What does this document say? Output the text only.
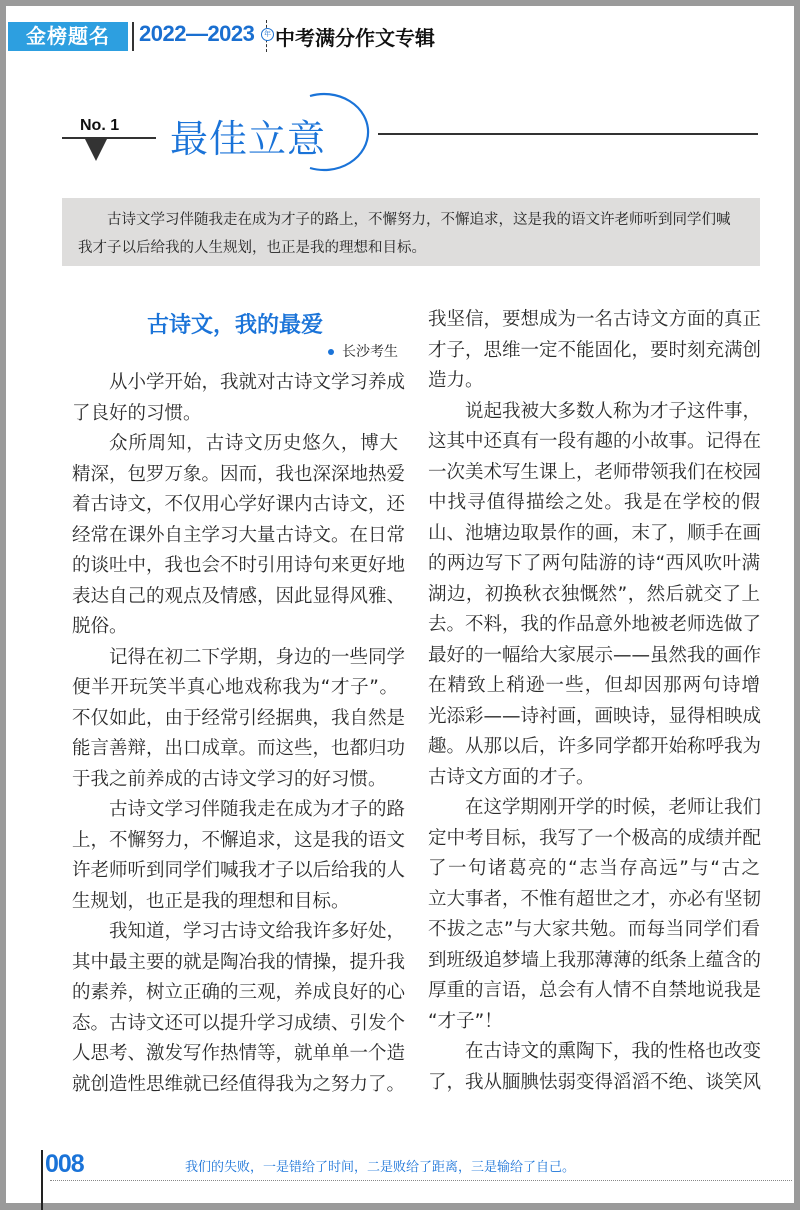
金榜题名	2022—2023	年 中考满分作文专辑
No. 1 最佳立意
古诗文学习伴随我走在成为才子的路上，不懈努力，不懈追求，这是我的语文许老师听到同学们喊我才子以后给我的人生规划，也正是我的理想和目标。
古诗文，我的最爱
长沙考生
从小学开始，我就对古诗文学习养成
了良好的习惯。
众所周知，古诗文历史悠久，博大
精深，包罗万象。因而，我也深深地热爱
着古诗文，不仅用心学好课内古诗文，还
经常在课外自主学习大量古诗文。在日常
的谈吐中，我也会不时引用诗句来更好地
表达自己的观点及情感，因此显得风雅、
脱俗。
记得在初二下学期，身边的一些同学
便半开玩笑半真心地戏称我为“才子”。
不仅如此，由于经常引经据典，我自然是
能言善辩，出口成章。而这些，也都归功
于我之前养成的古诗文学习的好习惯。
古诗文学习伴随我走在成为才子的路
上，不懈努力，不懈追求，这是我的语文
许老师听到同学们喊我才子以后给我的人
生规划，也正是我的理想和目标。
我知道，学习古诗文给我许多好处，
其中最主要的就是陶冶我的情操，提升我
的素养，树立正确的三观，养成良好的心
态。古诗文还可以提升学习成绩、引发个
人思考、激发写作热情等，就单单一个造
就创造性思维就已经值得我为之努力了。
我坚信，要想成为一名古诗文方面的真正
才子，思维一定不能固化，要时刻充满创
造力。
说起我被大多数人称为才子这件事，
这其中还真有一段有趣的小故事。记得在
一次美术写生课上，老师带领我们在校园
中找寻值得描绘之处。我是在学校的假
山、池塘边取景作的画，末了，顺手在画
的两边写下了两句陆游的诗“西风吹叶满
湖边，初换秋衣独慨然”，然后就交了上
去。不料，我的作品意外地被老师选做了
最好的一幅给大家展示——虽然我的画作
在精致上稍逊一些，但却因那两句诗增
光添彩——诗衬画，画映诗，显得相映成
趣。从那以后，许多同学都开始称呼我为
古诗文方面的才子。
在这学期刚开学的时候，老师让我们
定中考目标，我写了一个极高的成绩并配
了一句诸葛亮的“志当存高远”与“古之
立大事者，不惟有超世之才，亦必有坚韧
不拔之志”与大家共勉。而每当同学们看
到班级追梦墙上我那薄薄的纸条上蕴含的
厚重的言语，总会有人情不自禁地说我是
“才子”！
在古诗文的熏陶下，我的性格也改变
了，我从腼腆怯弱变得滔滔不绝、谈笑风
008	我们的失败，一是错给了时间，二是败给了距离，三是输给了自己。
